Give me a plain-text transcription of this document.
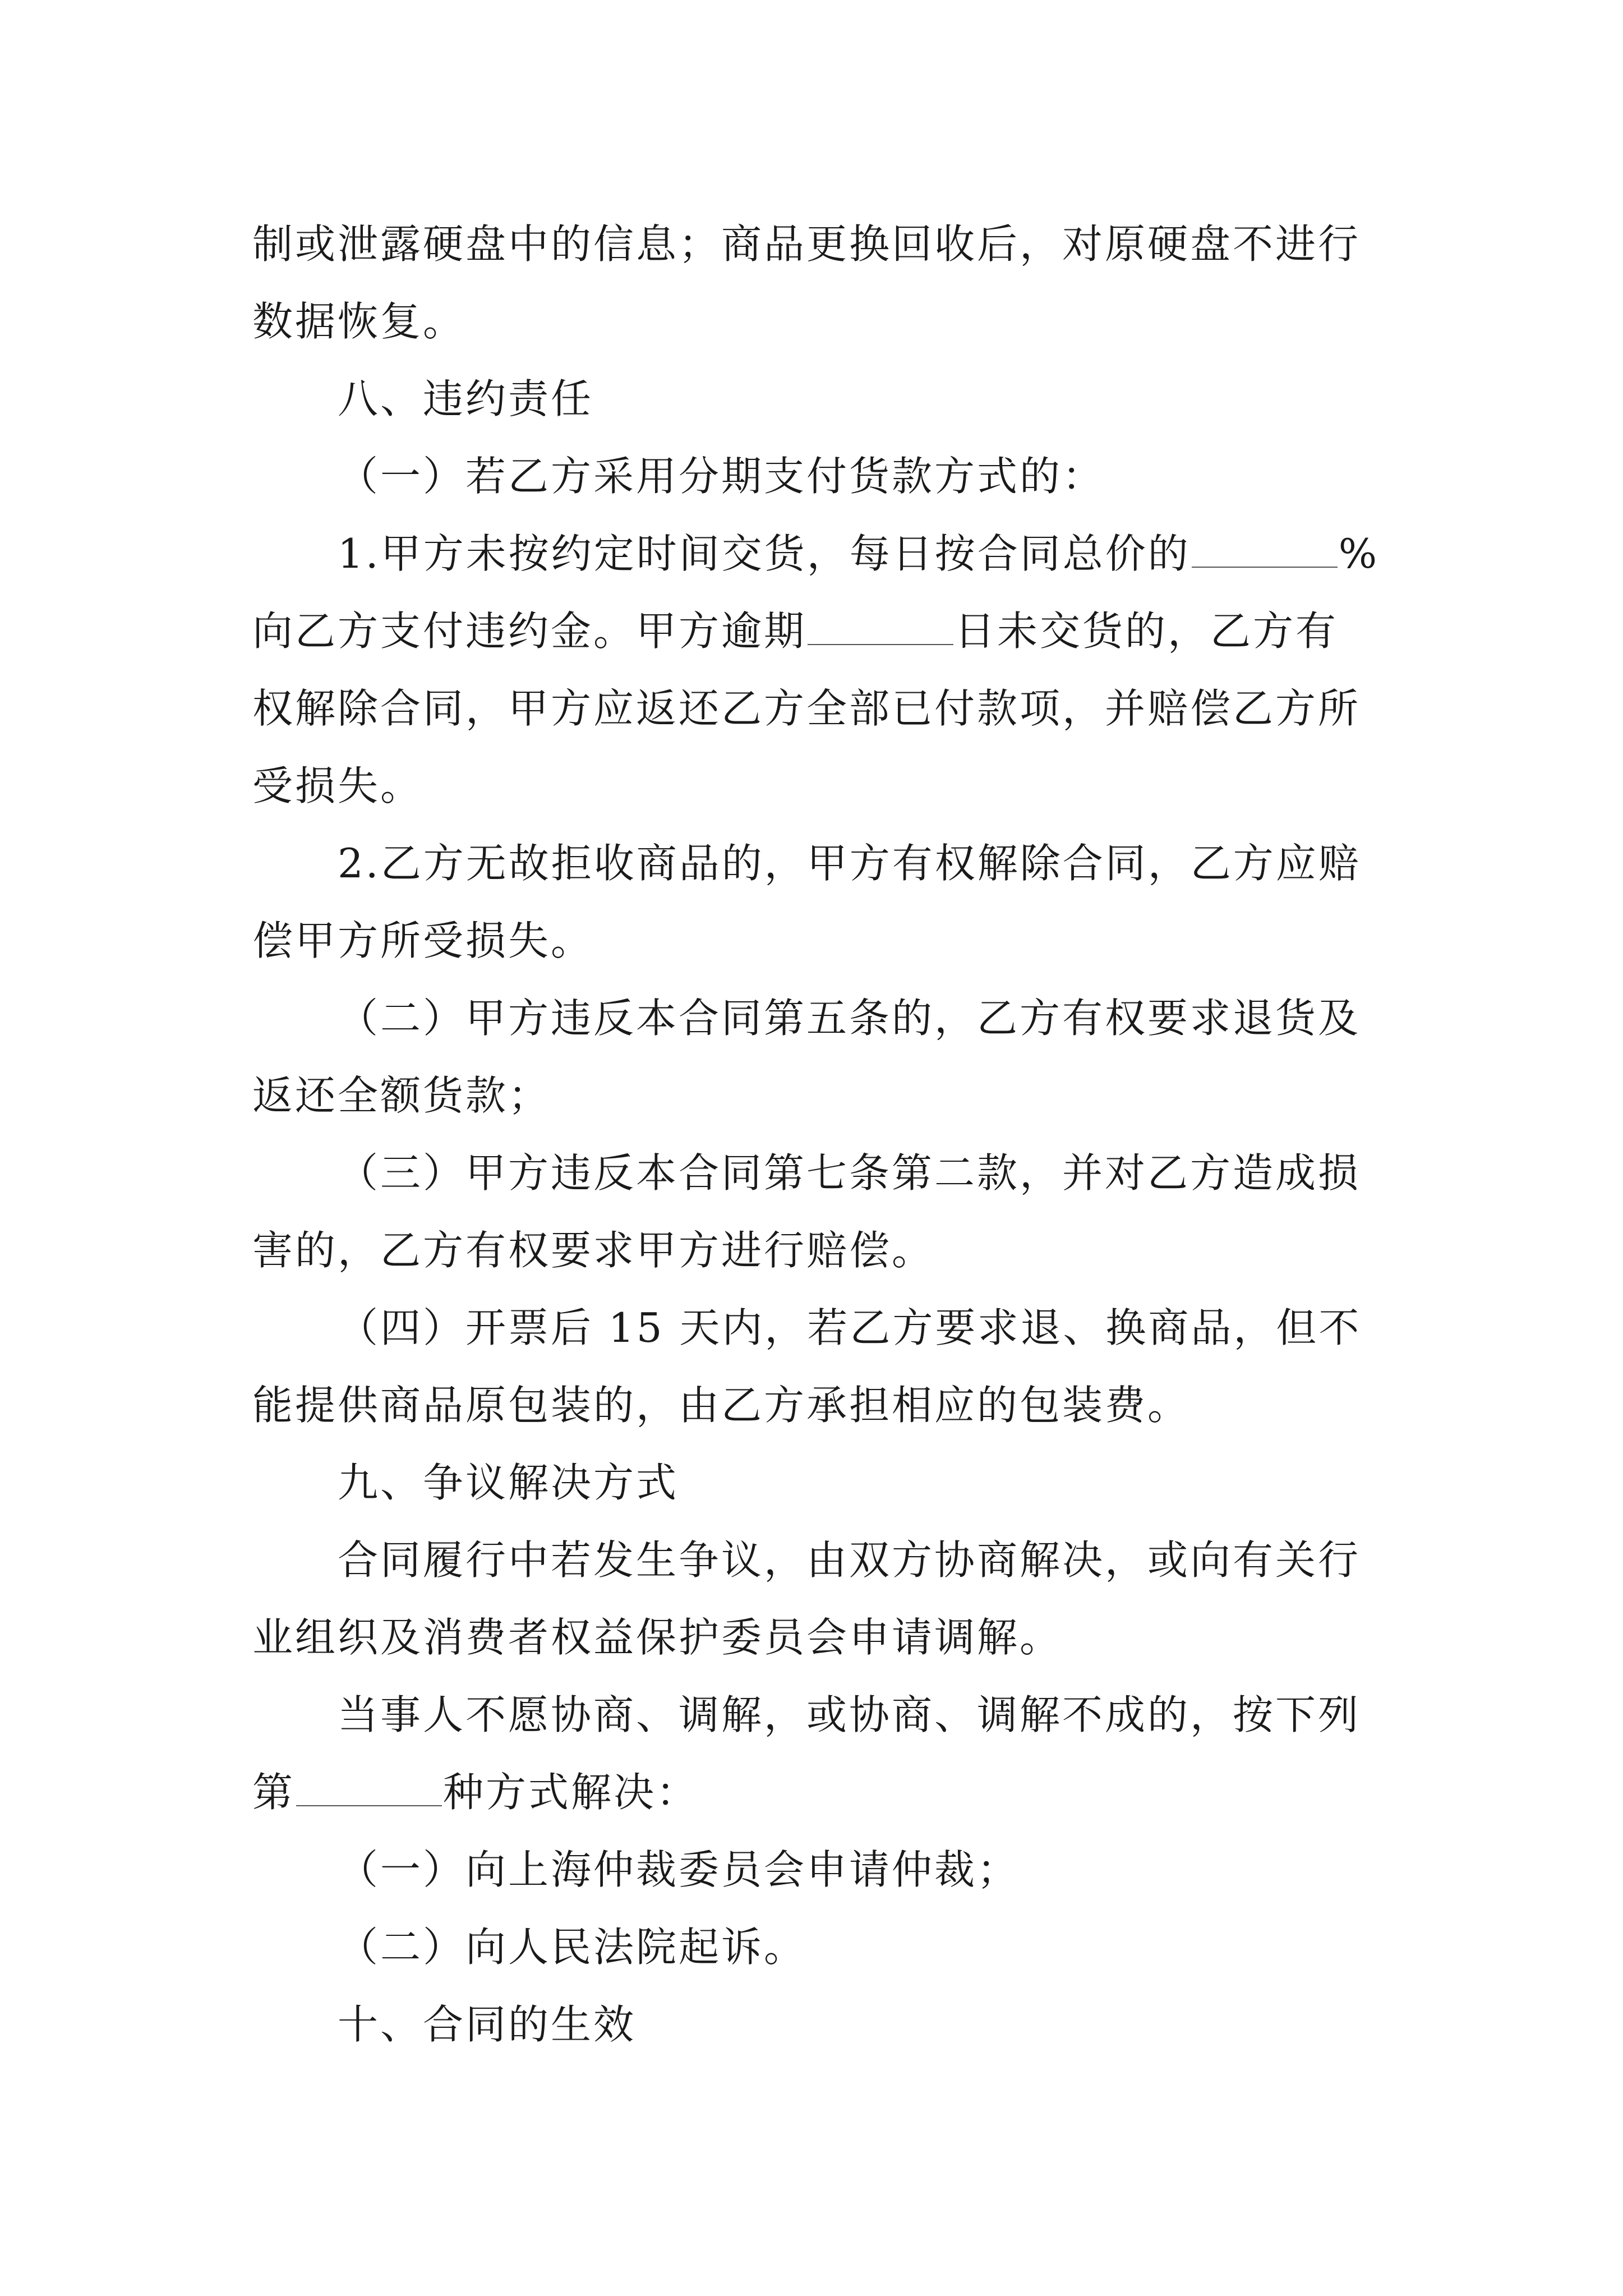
制或泄露硬盘中的信息；商品更换回收后，对原硬盘不进行
数据恢复。
八、违约责任
（一）若乙方采用分期支付货款方式的：
1.甲方未按约定时间交货，每日按合同总价的	%
向乙方支付违约金。甲方逾期	日未交货的，乙方有
权解除合同，甲方应返还乙方全部已付款项，并赔偿乙方所
受损失。
2.乙方无故拒收商品的，甲方有权解除合同，乙方应赔
偿甲方所受损失。
（二）甲方违反本合同第五条的，乙方有权要求退货及
返还全额货款；
（三）甲方违反本合同第七条第二款，并对乙方造成损
害的，乙方有权要求甲方进行赔偿。
（四）开票后 15 天内，若乙方要求退、换商品，但不
能提供商品原包装的，由乙方承担相应的包装费。
九、争议解决方式
合同履行中若发生争议，由双方协商解决，或向有关行
业组织及消费者权益保护委员会申请调解。
当事人不愿协商、调解，或协商、调解不成的，按下列
第	种方式解决：
（一）向上海仲裁委员会申请仲裁；
（二）向人民法院起诉。
十、合同的生效
